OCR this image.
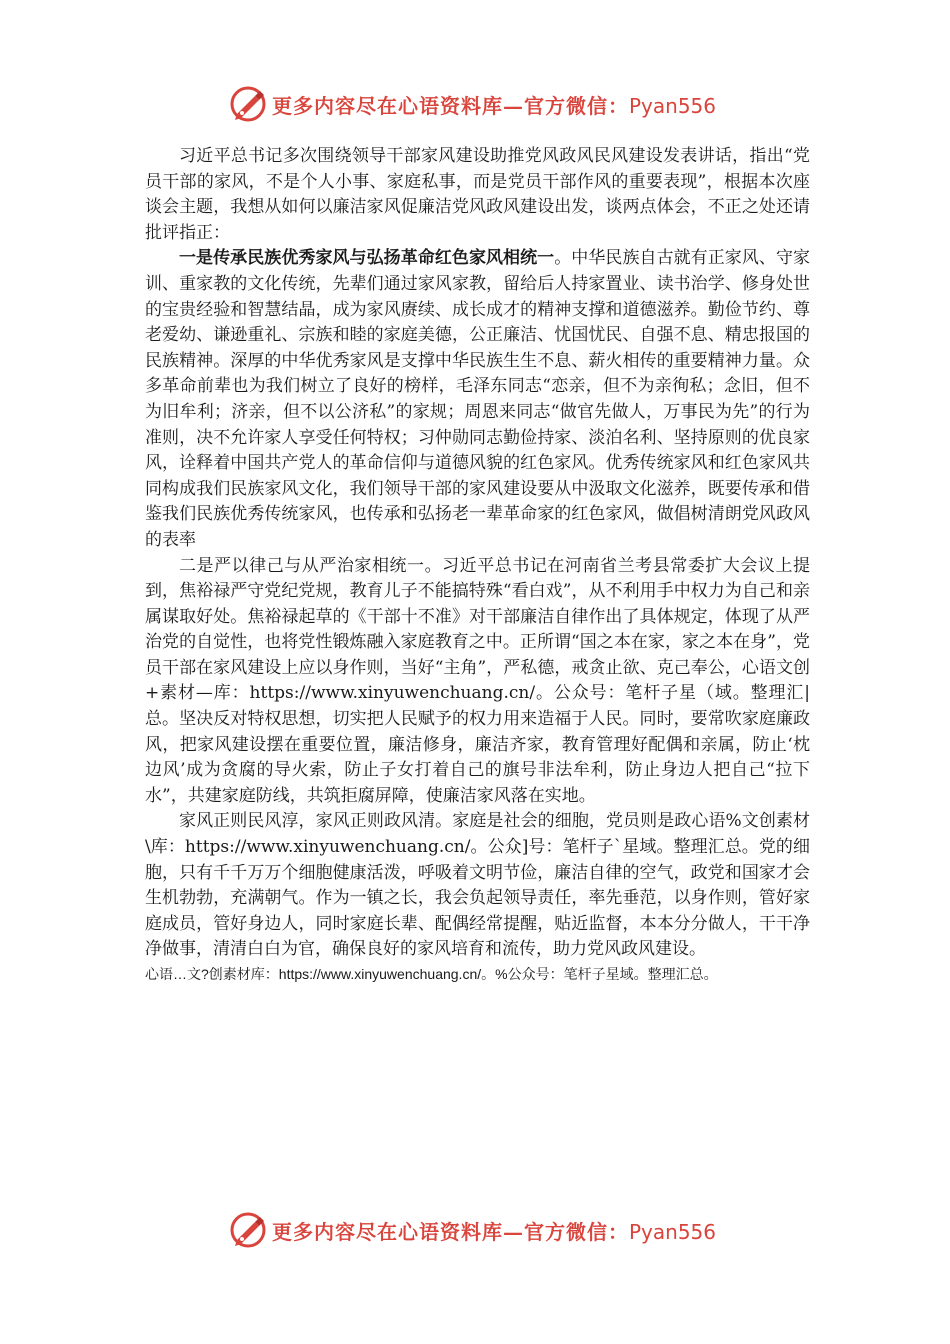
更多内容尽在心语资料库—官方微信：Pyan556

习近平总书记多次围绕领导干部家风建设助推党风政风民风建设发表讲话，指出“党员干部的家风，不是个人小事、家庭私事，而是党员干部作风的重要表现”，根据本次座谈会主题，我想从如何以廉洁家风促廉洁党风政风建设出发，谈两点体会，不正之处还请批评指正：

一是传承民族优秀家风与弘扬革命红色家风相统一。中华民族自古就有正家风、守家训、重家教的文化传统，先辈们通过家风家教，留给后人持家置业、读书治学、修身处世的宝贵经验和智慧结晶，成为家风赓续、成长成才的精神支撑和道德滋养。勤俭节约、尊老爱幼、谦逊重礼、宗族和睦的家庭美德，公正廉洁、忧国忧民、自强不息、精忠报国的民族精神。深厚的中华优秀家风是支撑中华民族生生不息、薪火相传的重要精神力量。众多革命前辈也为我们树立了良好的榜样，毛泽东同志“恋亲，但不为亲徇私；念旧，但不为旧牟利；济亲，但不以公济私”的家规；周恩来同志“做官先做人，万事民为先”的行为准则，决不允许家人享受任何特权；习仲勋同志勤俭持家、淡泊名利、坚持原则的优良家风，诠释着中国共产党人的革命信仰与道德风貌的红色家风。优秀传统家风和红色家风共同构成我们民族家风文化，我们领导干部的家风建设要从中汲取文化滋养，既要传承和借鉴我们民族优秀传统家风，也传承和弘扬老一辈革命家的红色家风，做倡树清朗党风政风的表率

二是严以律己与从严治家相统一。习近平总书记在河南省兰考县常委扩大会议上提到，焦裕禄严守党纪党规，教育儿子不能搞特殊“看白戏”，从不利用手中权力为自己和亲属谋取好处。焦裕禄起草的《干部十不准》对干部廉洁自律作出了具体规定，体现了从严治党的自觉性，也将党性锻炼融入家庭教育之中。正所谓“国之本在家，家之本在身”，党员干部在家风建设上应以身作则，当好“主角”，严私德，戒贪止欲、克己奉公，心语文创+素材—库：https://www.xinyuwenchuang.cn/。公众号：笔杆子星（域。整理汇|总。坚决反对特权思想，切实把人民赋予的权力用来造福于人民。同时，要常吹家庭廉政风，把家风建设摆在重要位置，廉洁修身，廉洁齐家，教育管理好配偶和亲属，防止‘枕边风’成为贪腐的导火索，防止子女打着自己的旗号非法牟利，防止身边人把自己“拉下水”，共建家庭防线，共筑拒腐屏障，使廉洁家风落在实地。

家风正则民风淳，家风正则政风清。家庭是社会的细胞，党员则是政心语%文创素材\库：https://www.xinyuwenchuang.cn/。公众]号：笔杆子`星域。整理汇总。党的细胞，只有千千万万个细胞健康活泼，呼吸着文明节俭，廉洁自律的空气，政党和国家才会生机勃勃，充满朝气。作为一镇之长，我会负起领导责任，率先垂范，以身作则，管好家庭成员，管好身边人，同时家庭长辈、配偶经常提醒，贴近监督，本本分分做人，干干净净做事，清清白白为官，确保良好的家风培育和流传，助力党风政风建设。

心语…文?创素材库：https://www.xinyuwenchuang.cn/。%公众号：笔杆子星域。整理汇总。

更多内容尽在心语资料库—官方微信：Pyan556
